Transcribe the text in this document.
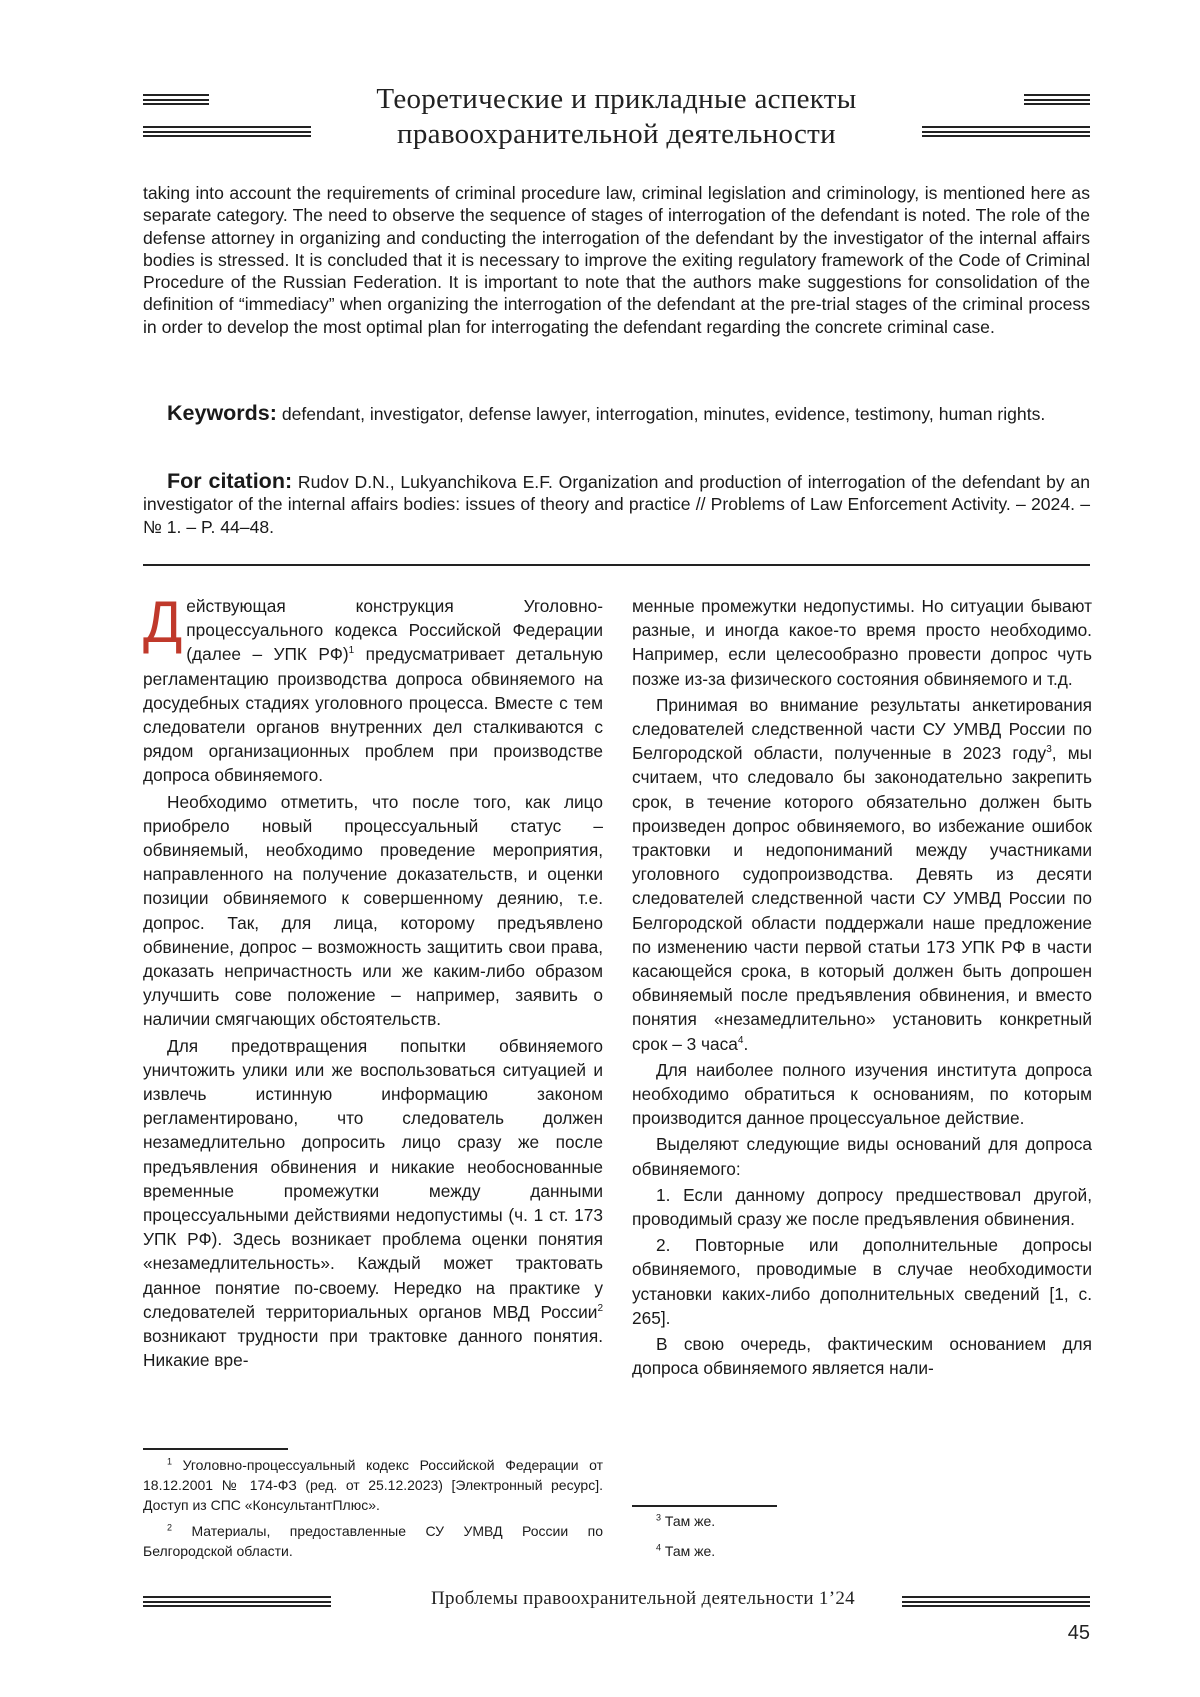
Теоретические и прикладные аспекты
правоохранительной деятельности

taking into account the requirements of criminal procedure law, criminal legislation and criminology, is mentioned here as separate category. The need to observe the sequence of stages of interrogation of the defendant is noted. The role of the defense attorney in organizing and conducting the interrogation of the defendant by the investigator of the internal affairs bodies is stressed. It is concluded that it is necessary to improve the exiting regulatory framework of the Code of Criminal Procedure of the Russian Federation. It is important to note that the authors make suggestions for consolidation of the definition of “immediacy” when organizing the interrogation of the defendant at the pre-trial stages of the criminal process in order to develop the most optimal plan for interrogating the defendant regarding the concrete criminal case.

Keywords: defendant, investigator, defense lawyer, interrogation, minutes, evidence, testimony, human rights.

For citation: Rudov D.N., Lukyanchikova E.F. Organization and production of interrogation of the defendant by an investigator of the internal affairs bodies: issues of theory and practice // Problems of Law Enforcement Activity. – 2024. – № 1. – P. 44–48.

Действующая конструкция Уголовно-процессуального кодекса Российской Федерации (далее – УПК РФ)$^1$ предусматривает детальную регламентацию производства допроса обвиняемого на досудебных стадиях уголовного процесса. Вместе с тем следователи органов внутренних дел сталкиваются с рядом организационных проблем при производстве допроса обвиняемого.

Необходимо отметить, что после того, как лицо приобрело новый процессуальный статус – обвиняемый, необходимо проведение мероприятия, направленного на получение доказательств, и оценки позиции обвиняемого к совершенному деянию, т.е. допрос. Так, для лица, которому предъявлено обвинение, допрос – возможность защитить свои права, доказать непричастность или же каким-либо образом улучшить сове положение – например, заявить о наличии смягчающих обстоятельств.

Для предотвращения попытки обвиняемого уничтожить улики или же воспользоваться ситуацией и извлечь истинную информацию законом регламентировано, что следователь должен незамедлительно допросить лицо сразу же после предъявления обвинения и никакие необоснованные временные промежутки между данными процессуальными действиями недопустимы (ч. 1 ст. 173 УПК РФ). Здесь возникает проблема оценки понятия «незамедлительность». Каждый может трактовать данное понятие по-своему. Нередко на практике у следователей территориальных органов МВД России$^2$ возникают трудности при трактовке данного понятия. Никакие вре-

менные промежутки недопустимы. Но ситуации бывают разные, и иногда какое-то время просто необходимо. Например, если целесообразно провести допрос чуть позже из-за физического состояния обвиняемого и т.д.

Принимая во внимание результаты анкетирования следователей следственной части СУ УМВД России по Белгородской области, полученные в 2023 году$^3$, мы считаем, что следовало бы законодательно закрепить срок, в течение которого обязательно должен быть произведен допрос обвиняемого, во избежание ошибок трактовки и недопониманий между участниками уголовного судопроизводства. Девять из десяти следователей следственной части СУ УМВД России по Белгородской области поддержали наше предложение по изменению части первой статьи 173 УПК РФ в части касающейся срока, в который должен быть допрошен обвиняемый после предъявления обвинения, и вместо понятия «незамедлительно» установить конкретный срок – 3 часа$^4$.

Для наиболее полного изучения института допроса необходимо обратиться к основаниям, по которым производится данное процессуальное действие.

Выделяют следующие виды оснований для допроса обвиняемого:

1. Если данному допросу предшествовал другой, проводимый сразу же после предъявления обвинения.

2. Повторные или дополнительные допросы обвиняемого, проводимые в случае необходимости установки каких-либо дополнительных сведений [1, с. 265].

В свою очередь, фактическим основанием для допроса обвиняемого является нали-

$^1$ Уголовно-процессуальный кодекс Российской Федерации от 18.12.2001 № 174-ФЗ (ред. от 25.12.2023) [Электронный ресурс]. Доступ из СПС «КонсультантПлюс».

$^2$ Материалы, предоставленные СУ УМВД России по Белгородской области.

$^3$ Там же.

$^4$ Там же.

Проблемы правоохранительной деятельности 1’24
45
